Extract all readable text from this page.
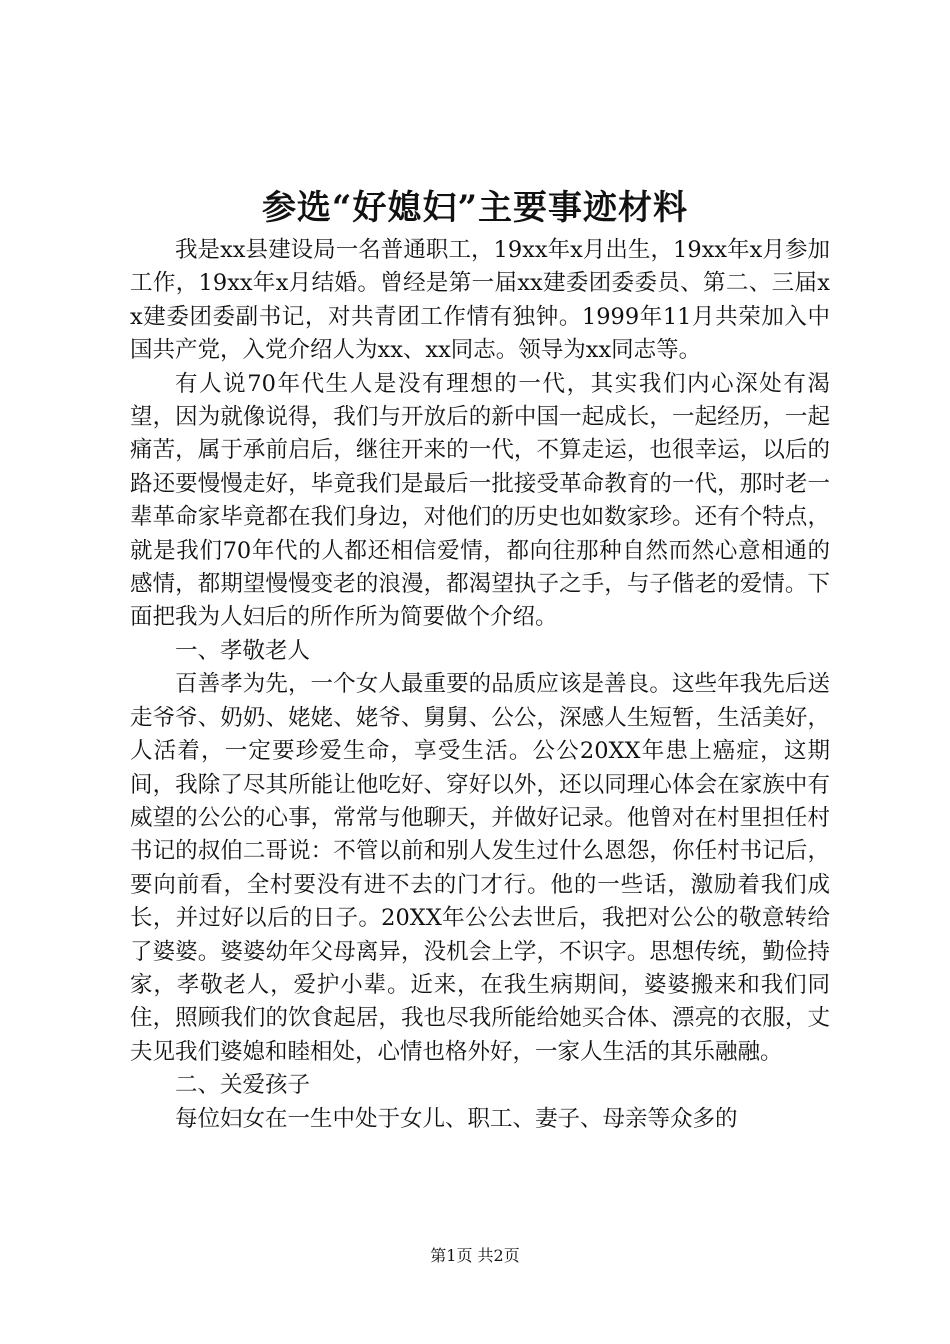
参选“好媳妇”主要事迹材料

我是xx县建设局一名普通职工，19xx年x月出生，19xx年x月参加工作，19xx年x月结婚。曾经是第一届xx建委团委委员、第二、三届xx建委团委副书记，对共青团工作情有独钟。1999年11月共荣加入中国共产党，入党介绍人为xx、xx同志。领导为xx同志等。

有人说70年代生人是没有理想的一代，其实我们内心深处有渴望，因为就像说得，我们与开放后的新中国一起成长，一起经历，一起痛苦，属于承前启后，继往开来的一代，不算走运，也很幸运，以后的路还要慢慢走好，毕竟我们是最后一批接受革命教育的一代，那时老一辈革命家毕竟都在我们身边，对他们的历史也如数家珍。还有个特点，就是我们70年代的人都还相信爱情，都向往那种自然而然心意相通的感情，都期望慢慢变老的浪漫，都渴望执子之手，与子偕老的爱情。下面把我为人妇后的所作所为简要做个介绍。

一、孝敬老人

百善孝为先，一个女人最重要的品质应该是善良。这些年我先后送走爷爷、奶奶、姥姥、姥爷、舅舅、公公，深感人生短暂，生活美好，人活着，一定要珍爱生命，享受生活。公公20XX年患上癌症，这期间，我除了尽其所能让他吃好、穿好以外，还以同理心体会在家族中有威望的公公的心事，常常与他聊天，并做好记录。他曾对在村里担任村书记的叔伯二哥说：不管以前和别人发生过什么恩怨，你任村书记后，要向前看，全村要没有进不去的门才行。他的一些话，激励着我们成长，并过好以后的日子。20XX年公公去世后，我把对公公的敬意转给了婆婆。婆婆幼年父母离异，没机会上学，不识字。思想传统，勤俭持家，孝敬老人，爱护小辈。近来，在我生病期间，婆婆搬来和我们同住，照顾我们的饮食起居，我也尽我所能给她买合体、漂亮的衣服，丈夫见我们婆媳和睦相处，心情也格外好，一家人生活的其乐融融。

二、关爱孩子

每位妇女在一生中处于女儿、职工、妻子、母亲等众多的

第1页 共2页
